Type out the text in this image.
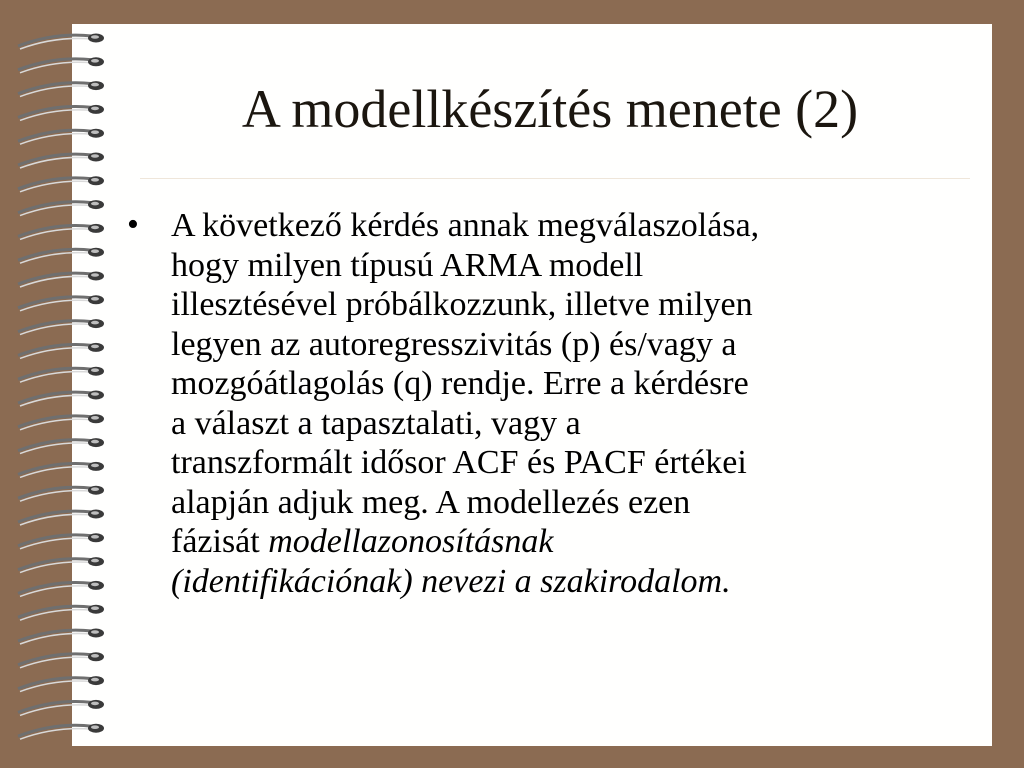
A modellkészítés menete (2)
• A következő kérdés annak megválaszolása,
hogy milyen típusú ARMA modell
illesztésével próbálkozzunk, illetve milyen
legyen az autoregresszivitás (p) és/vagy a
mozgóátlagolás (q) rendje. Erre a kérdésre
a választ a tapasztalati, vagy a
transzformált idősor ACF és PACF értékei
alapján adjuk meg. A modellezés ezen
fázisát modellazonosításnak
(identifikációnak) nevezi a szakirodalom.
